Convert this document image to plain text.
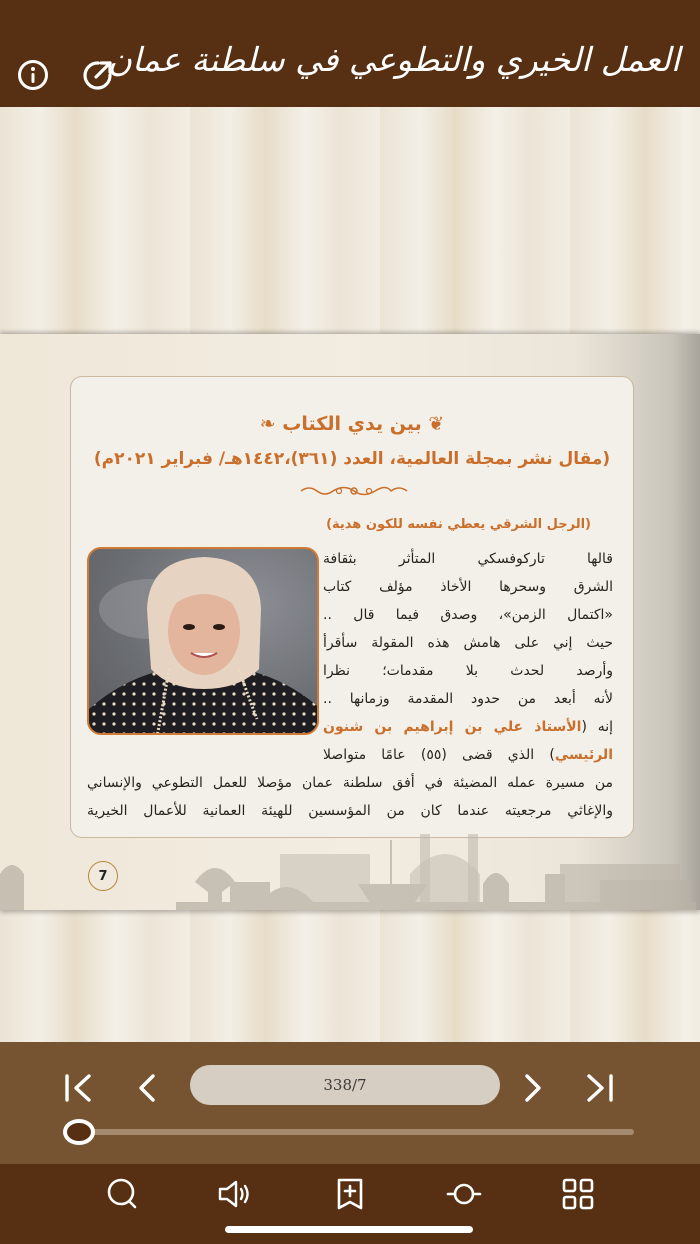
العمل الخيري والتطوعي في سلطنة عمان
❦ بين يدي الكتاب ❧
(مقال نشر بمجلة العالمية، العدد (٣٦١)،١٤٤٢هـ/ فبراير ٢٠٢١م)
(الرجل الشرقي يعطي نفسه للكون هدية)
قالها تاركوفسكي المتأثر بثقافة
الشرق وسحرها الأخاذ مؤلف كتاب
«اكتمال الزمن»، وصدق فيما قال ..
حيث إني على هامش هذه المقولة سأقرأ
وأرصد لحدث بلا مقدمات؛ نظرا
لأنه أبعد من حدود المقدمة وزمانها ..
إنه (الأستاذ علي بن إبراهيم بن شنون
الرئيسي) الذي قضى (٥٥) عامًا متواصلا
من مسيرة عمله المضيئة في أفق سلطنة عمان مؤصلا للعمل التطوعي والإنساني
والإغاثي مرجعيته عندما كان من المؤسسين للهيئة العمانية للأعمال الخيرية
7
338/7
